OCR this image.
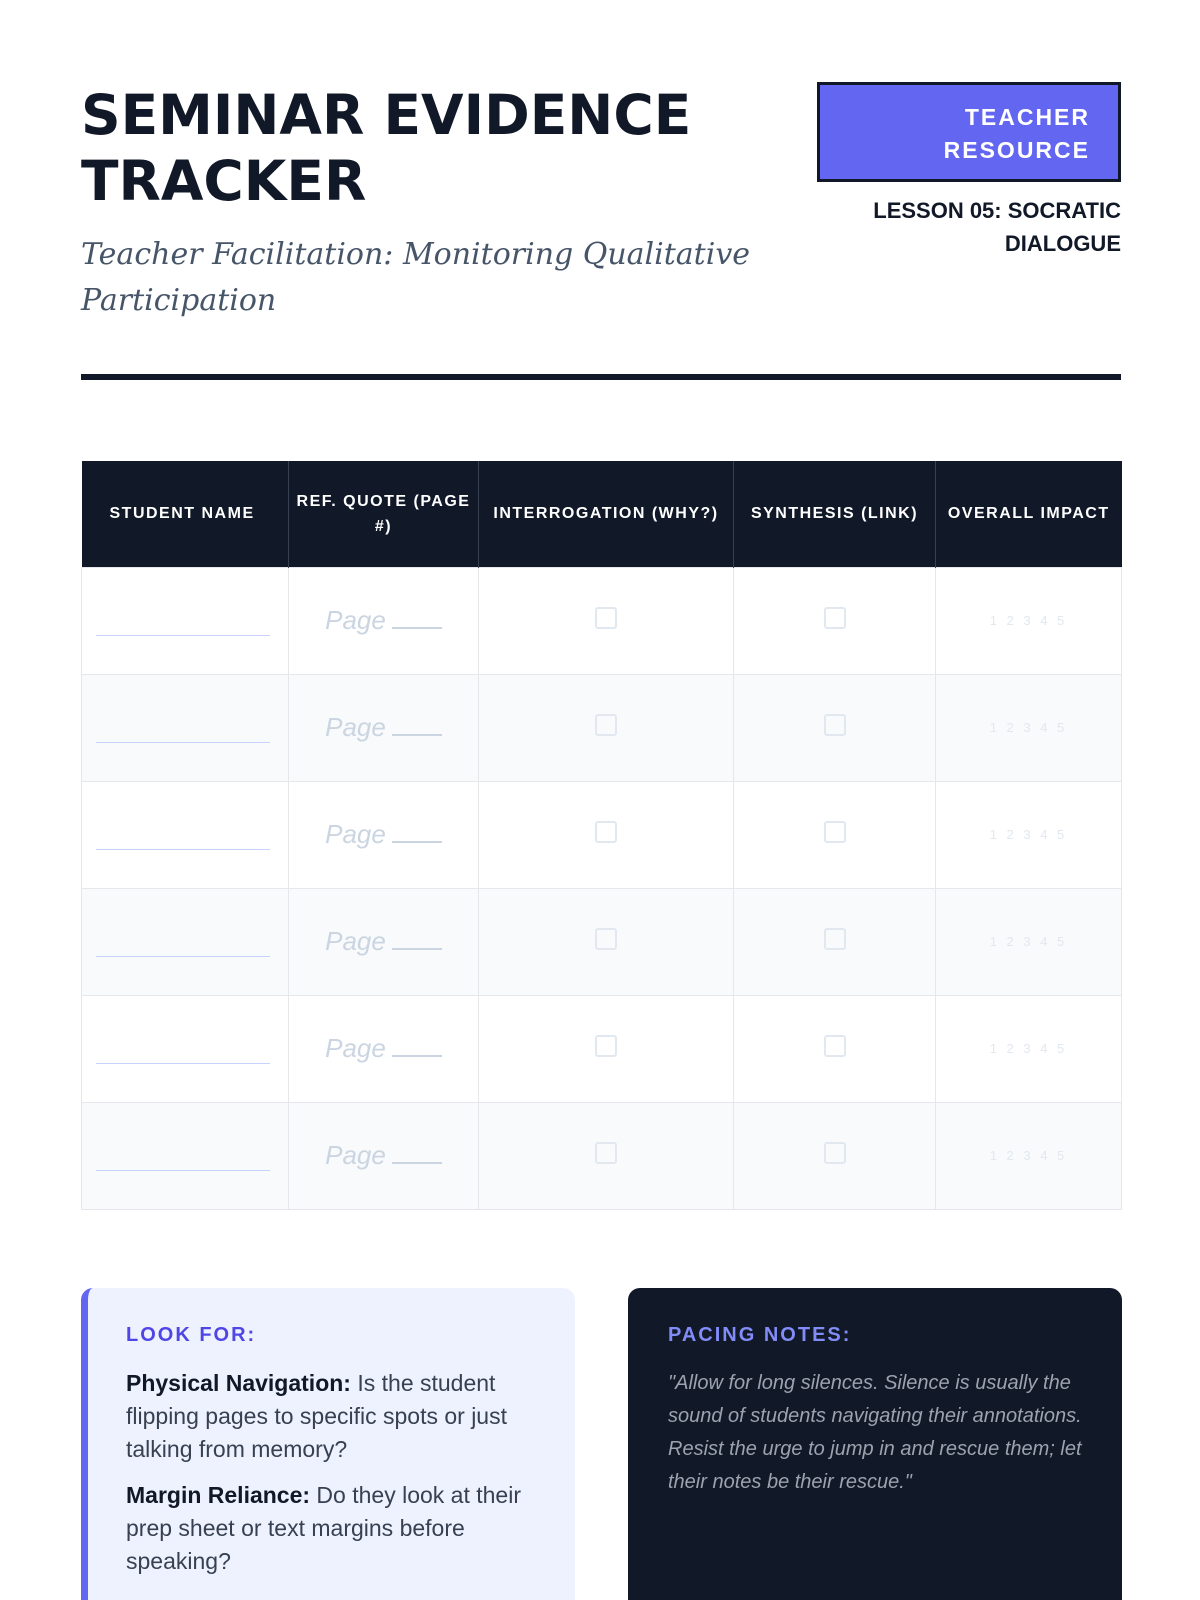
SEMINAR EVIDENCE TRACKER

Teacher Facilitation: Monitoring Qualitative Participation

TEACHER RESOURCE
LESSON 05: SOCRATIC DIALOGUE
STUDENT NAME	REF. QUOTE (PAGE #)	INTERROGATION (WHY?)	SYNTHESIS (LINK)	OVERALL IMPACT

	Page			1 2 3 4 5

	Page			1 2 3 4 5

	Page			1 2 3 4 5

	Page			1 2 3 4 5

	Page			1 2 3 4 5

	Page			1 2 3 4 5
LOOK FOR:

Physical Navigation: Is the student flipping pages to specific spots or just talking from memory?

Margin Reliance: Do they look at their prep sheet or text margins before speaking?

PACING NOTES:

"Allow for long silences. Silence is usually the sound of students navigating their annotations. Resist the urge to jump in and rescue them; let their notes be their rescue."
